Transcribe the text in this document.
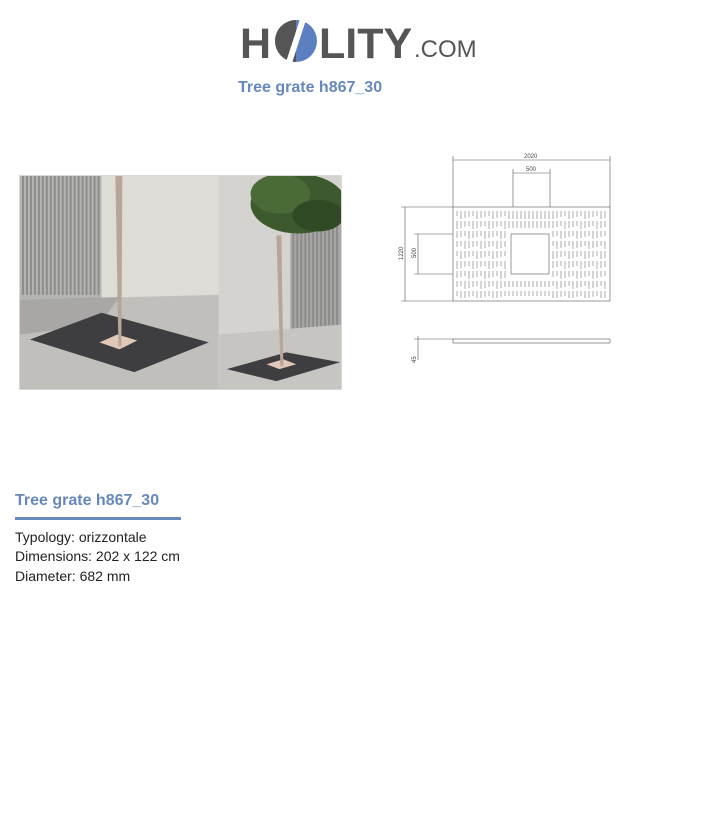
H LITY .COM
Tree grate h867_30
2020
500
1220 500
45
Tree grate h867_30
Typology: orizzontale
Dimensions: 202 x 122 cm
Diameter: 682 mm
